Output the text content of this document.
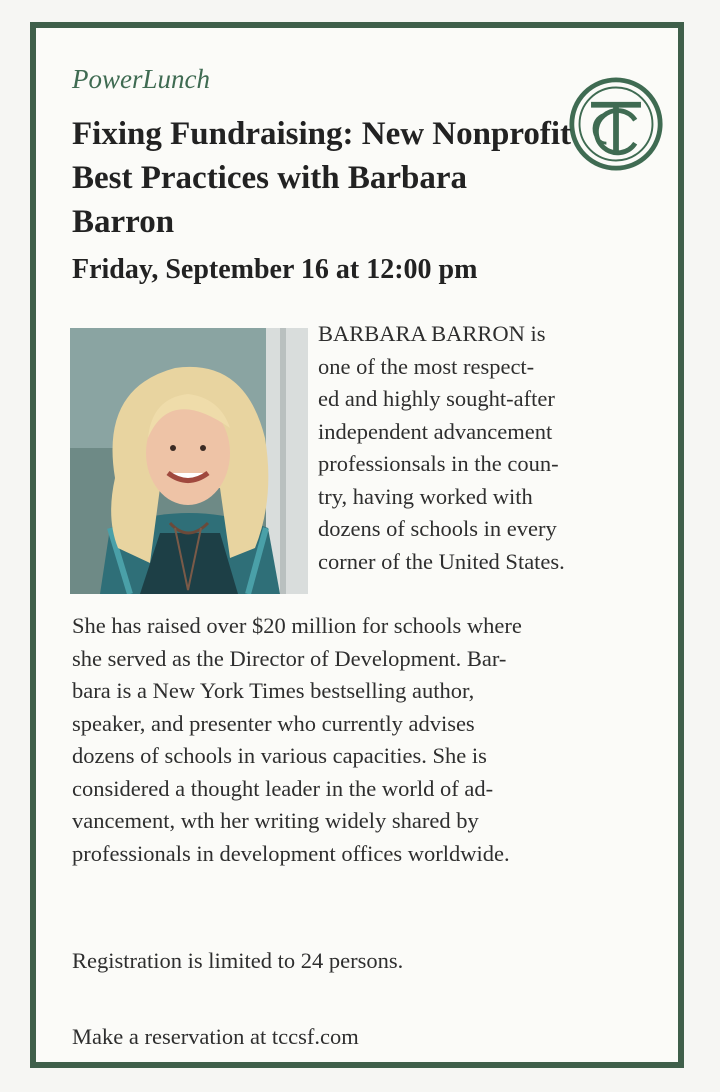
PowerLunch
Fixing Fundraising: New Nonprofit Best Practices with Barbara Barron
Friday, September 16 at 12:00 pm

BARBARA BARRON is
one of the most respect-
ed and highly sought-after
independent advancement
professionsals in the coun-
try, having worked with
dozens of schools in every
corner of the United States.

She has raised over $20 million for schools where
she served as the Director of Development. Bar-
bara is a New York Times bestselling author,
speaker, and presenter who currently advises
dozens of schools in various capacities. She is
considered a thought leader in the world of ad-
vancement, wth her writing widely shared by
professionals in development offices worldwide.

Registration is limited to 24 persons.
Make a reservation at tccsf.com
